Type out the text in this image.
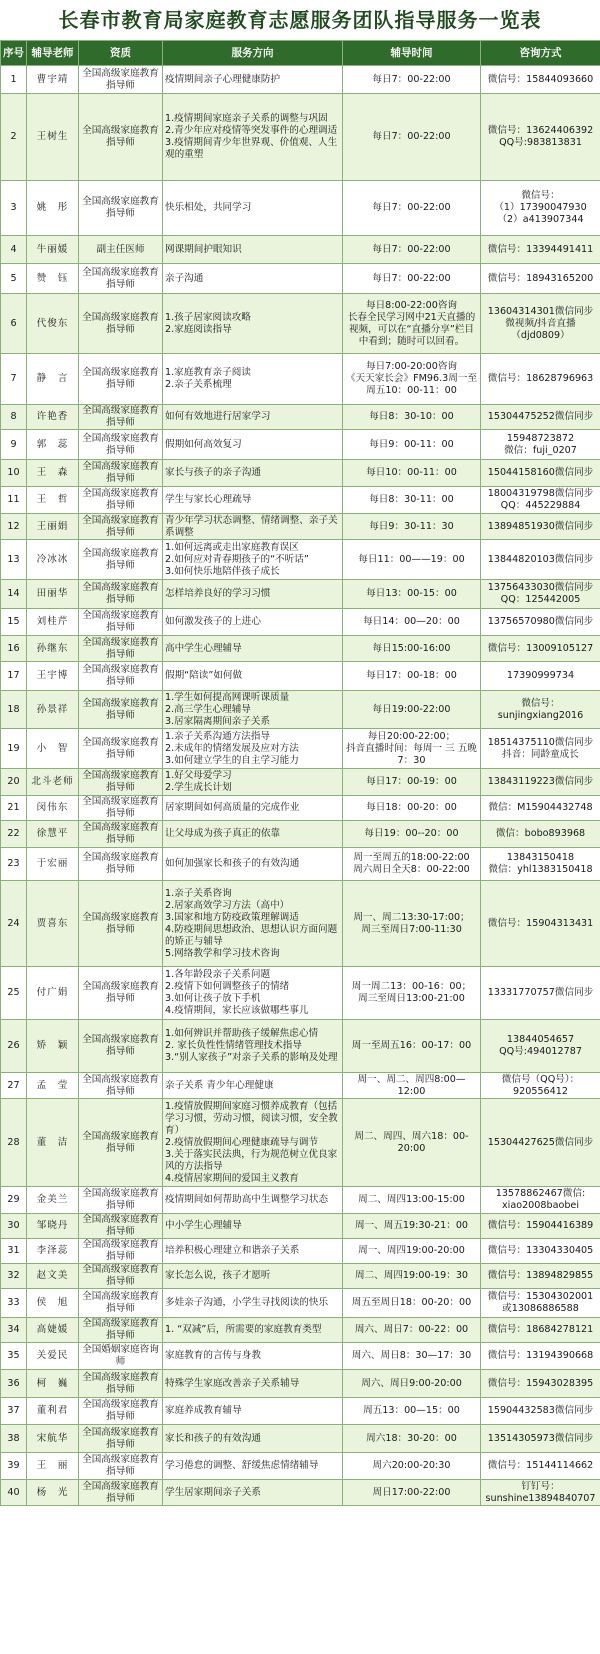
长春市教育局家庭教育志愿服务团队指导服务一览表
序号	辅导老师	资质	服务方向	辅导时间	咨询方式
1	曹宇靖	全国高级家庭教育指导师	疫情期间亲子心理健康防护	每日7：00-22:00	微信号：15844093660
2	王树生	全国高级家庭教育指导师	1.疫情期间家庭亲子关系的调整与巩固
2.青少年应对疫情等突发事件的心理调适
3.疫情期间青少年世界观、价值观、人生观的重塑	每日7：00-22:00	微信号：13624406392
QQ号:983813831
3	姚　彤	全国高级家庭教育指导师	快乐相处，共同学习	每日7：00-22:00	微信号：
（1）17390047930
（2）a413907344
4	牛丽媛	副主任医师	网课期间护眼知识	每日7：00-22:00	微信号：13394491411
5	赞　钰	全国高级家庭教育指导师	亲子沟通	每日7：00-22:00	微信号：18943165200
6	代俊东	全国高级家庭教育指导师	1.孩子居家阅读攻略
2.家庭阅读指导	每日8:00-22:00咨询
长春全民学习网中21天直播的视频，可以在“直播分享”栏目中看到；随时可以回看。	13604314301微信同步
微视频/抖音直播
（djd0809）
7	静　言	全国高级家庭教育指导师	1.家庭教育亲子阅读
2.亲子关系梳理	每日7:00-20:00咨询
《天天家长会》FM96.3周一至周五10：00-11：00	微信号：18628796963
8	许艳香	全国高级家庭教育指导师	如何有效地进行居家学习	每日8：30-10：00	15304475252微信同步
9	郭　蕊	全国高级家庭教育指导师	假期如何高效复习	每日9：00-11：00	15948723872
微信：fuji_0207
10	王　森	全国高级家庭教育指导师	家长与孩子的亲子沟通	每日10：00-11：00	15044158160微信同步
11	王　哲	全国高级家庭教育指导师	学生与家长心理疏导	每日8：30-11：00	18004319798微信同步
QQ：445229884
12	王丽娟	全国高级家庭教育指导师	青少年学习状态调整、情绪调整、亲子关系调整	每日9：30-11：30	13894851930微信同步
13	冷冰冰	全国高级家庭教育指导师	1.如何远离或走出家庭教育误区
2.如何应对青春期孩子的“不听话”
3.如何快乐地陪伴孩子成长	每日11：00——19：00	13844820103微信同步
14	田丽华	全国高级家庭教育指导师	怎样培养良好的学习习惯	每日13：00-15：00	13756433030微信同步
QQ：125442005
15	刘桂芹	全国高级家庭教育指导师	如何激发孩子的上进心	每日14：00—20：00	13756570980微信同步
16	孙继东	全国高级家庭教育指导师	高中学生心理辅导	每日15:00-16:00	微信号：13009105127
17	王宇博	全国高级家庭教育指导师	假期“陪读”如何做	每日17：00-18：00	17390999734
18	孙景祥	全国高级家庭教育指导师	1.学生如何提高网课听课质量
2.高三学生心理辅导
3.居家隔离期间亲子关系	每日19:00-22:00	微信号：
sunjingxiang2016
19	小　智	全国高级家庭教育指导师	1.亲子关系沟通方法指导
2.未成年的情绪发展及应对方法
3.如何建立学生的自主学习能力	每日20:00-22:00；
抖音直播时间：每周一 三 五晚7：30	18514375110微信同步
抖音：同龄童成长
20	北斗老师	全国高级家庭教育指导师	1.好父母爱学习
2.学生成长计划	每日17：00-19：00	13843119223微信同步
21	闵伟东	全国高级家庭教育指导师	居家期间如何高质量的完成作业	每日18：00-20：00	微信：M15904432748
22	徐慧平	全国高级家庭教育指导师	让父母成为孩子真正的依靠	每日19：00--20：00	微信：bobo893968
23	于宏丽	全国高级家庭教育指导师	如何加强家长和孩子的有效沟通	周一至周五的18:00-22:00
周六周日全天8：00-22:00	13843150418
微信：yhl1383150418
24	贾喜东	全国高级家庭教育指导师	1.亲子关系咨询
2.居家高效学习方法（高中）
3.国家和地方防疫政策理解调适
4.防疫期间思想政治、思想认识方面问题的矫正与辅导
5.网络教学和学习技术咨询	周一、周二13:30-17:00；
周三至周日7:00-11:30	微信号：15904313431
25	付广娟	全国高级家庭教育指导师	1.各年龄段亲子关系问题
2.疫情下如何调整孩子的情绪
3.如何让孩子放下手机
4.疫情期间，家长应该做哪些事儿	周一周二13：00-16：00；
周三至周日13:00-21:00	13331770757微信同步
26	矫　颖	全国高级家庭教育指导师	1.如何辨识并帮助孩子缓解焦虑心情
2. 家长负性性情绪管理技术指导
3.“别人家孩子”对亲子关系的影响及处理	周一至周五16：00-17：00	13844054657
QQ号:494012787
27	孟　莹	全国高级家庭教育指导师	亲子关系 青少年心理健康	周一、周二、周四8:00—12:00	微信号（QQ号）：
920556412
28	董　洁	全国高级家庭教育指导师	1.疫情放假期间家庭习惯养成教育（包括学习习惯，劳动习惯，阅读习惯，安全教育）
2.疫情放假期间心理健康疏导与调节
3.关于落实民法典，行为规范树立优良家风的方法指导
4.疫情居家期间的爱国主义教育	周二、周四、周六18：00-20:00	15304427625微信同步
29	金美兰	全国高级家庭教育指导师	疫情期间如何帮助高中生调整学习状态	周二、周四13:00-15:00	13578862467微信:
xiao2008baobei
30	邹晓丹	全国高级家庭教育指导师	中小学生心理辅导	周一、周五19:30-21：00	微信号：15904416389
31	李泽蕊	全国高级家庭教育指导师	培养积极心理建立和谐亲子关系	周一、周四19:00-20:00	微信号：13304330405
32	赵文美	全国高级家庭教育指导师	家长怎么说，孩子才愿听	周二、周四19:00-19：30	微信号：13894829855
33	侯　旭	全国高级家庭教育指导师	多娃亲子沟通，小学生寻找阅读的快乐	周五至周日18：00-20：00	微信号：15304302001
或13086886588
34	高婕媛	全国高级家庭教育指导师	1. “双减”后，所需要的家庭教育类型	周六、周日7：00-22：00	微信号：18684278121
35	关爱民	全国婚姻家庭咨询师	家庭教育的言传与身教	周六、周日8：30—17：30	微信号：13194390668
36	柯　巍	全国高级家庭教育指导师	特殊学生家庭改善亲子关系辅导	周六、周日9:00-20:00	微信号：15943028395
37	董利君	全国高级家庭教育指导师	家庭养成教育辅导	周五13：00—15：00	15904432583微信同步
38	宋航华	全国高级家庭教育指导师	家长和孩子的有效沟通	周六18：30-20：00	13514305973微信同步
39	王　丽	全国高级家庭教育指导师	学习倦怠的调整、舒缓焦虑情绪辅导	周六20:00-20:30	微信号：15144114662
40	杨　光	全国高级家庭教育指导师	学生居家期间亲子关系	周日17:00-22:00	钉钉号：
sunshine13894840707
